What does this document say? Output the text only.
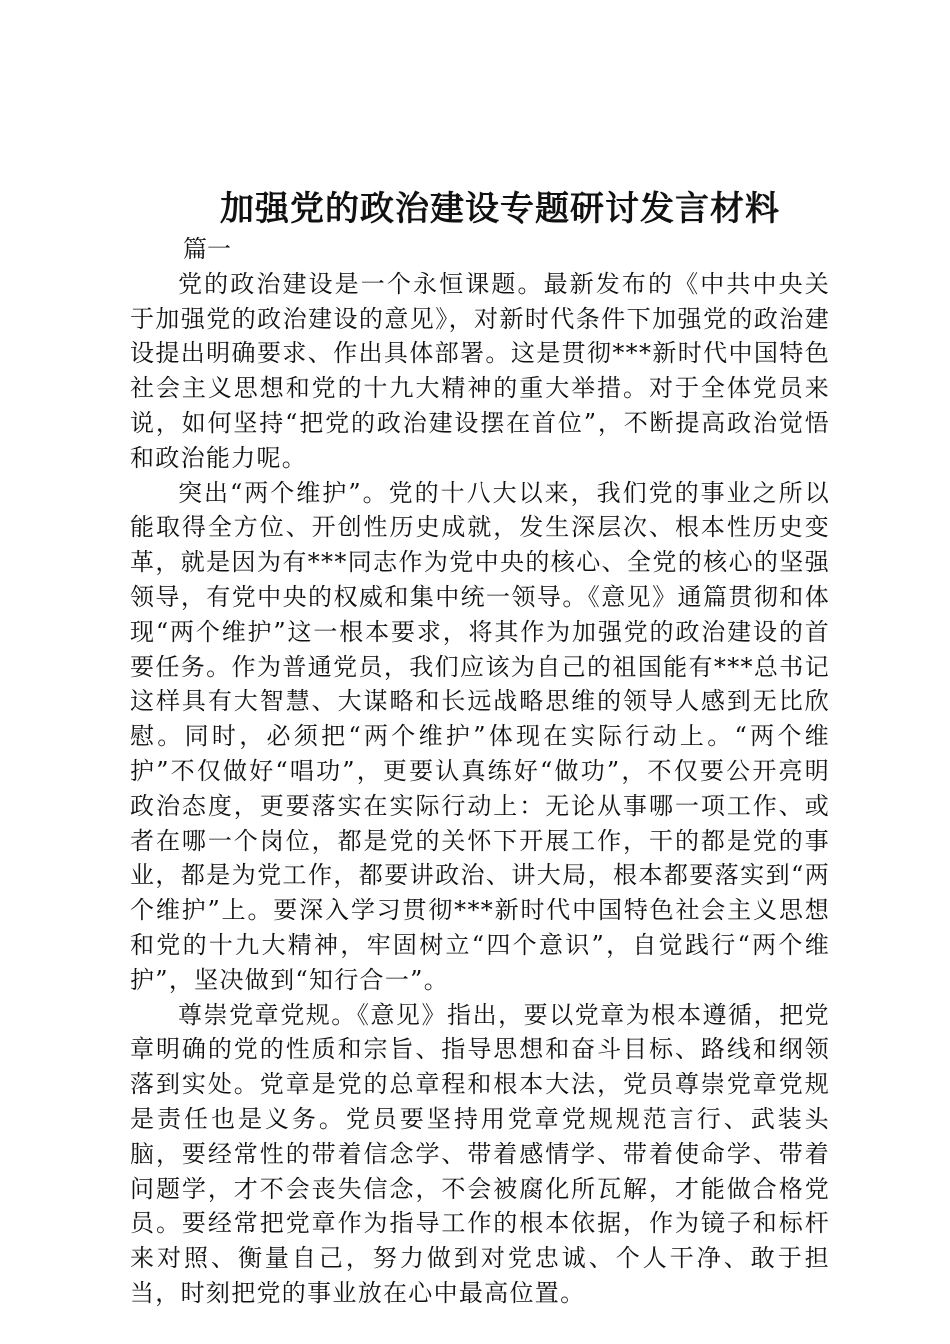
加强党的政治建设专题研讨发言材料

篇一

党的政治建设是一个永恒课题。最新发布的《中共中央关于加强党的政治建设的意见》，对新时代条件下加强党的政治建设提出明确要求、作出具体部署。这是贯彻***新时代中国特色社会主义思想和党的十九大精神的重大举措。对于全体党员来说，如何坚持“把党的政治建设摆在首位”，不断提高政治觉悟和政治能力呢。

突出“两个维护”。党的十八大以来，我们党的事业之所以能取得全方位、开创性历史成就，发生深层次、根本性历史变革，就是因为有***同志作为党中央的核心、全党的核心的坚强领导，有党中央的权威和集中统一领导。《意见》通篇贯彻和体现“两个维护”这一根本要求，将其作为加强党的政治建设的首要任务。作为普通党员，我们应该为自己的祖国能有***总书记这样具有大智慧、大谋略和长远战略思维的领导人感到无比欣慰。同时，必须把“两个维护”体现在实际行动上。“两个维护”不仅做好“唱功”，更要认真练好“做功”，不仅要公开亮明政治态度，更要落实在实际行动上：无论从事哪一项工作、或者在哪一个岗位，都是党的关怀下开展工作，干的都是党的事业，都是为党工作，都要讲政治、讲大局，根本都要落实到“两个维护”上。要深入学习贯彻***新时代中国特色社会主义思想和党的十九大精神，牢固树立“四个意识”，自觉践行“两个维护”，坚决做到“知行合一”。

尊崇党章党规。《意见》指出，要以党章为根本遵循，把党章明确的党的性质和宗旨、指导思想和奋斗目标、路线和纲领落到实处。党章是党的总章程和根本大法，党员尊崇党章党规是责任也是义务。党员要坚持用党章党规规范言行、武装头脑，要经常性的带着信念学、带着感情学、带着使命学、带着问题学，才不会丧失信念，不会被腐化所瓦解，才能做合格党员。要经常把党章作为指导工作的根本依据，作为镜子和标杆来对照、衡量自己，努力做到对党忠诚、个人干净、敢于担当，时刻把党的事业放在心中最高位置。
